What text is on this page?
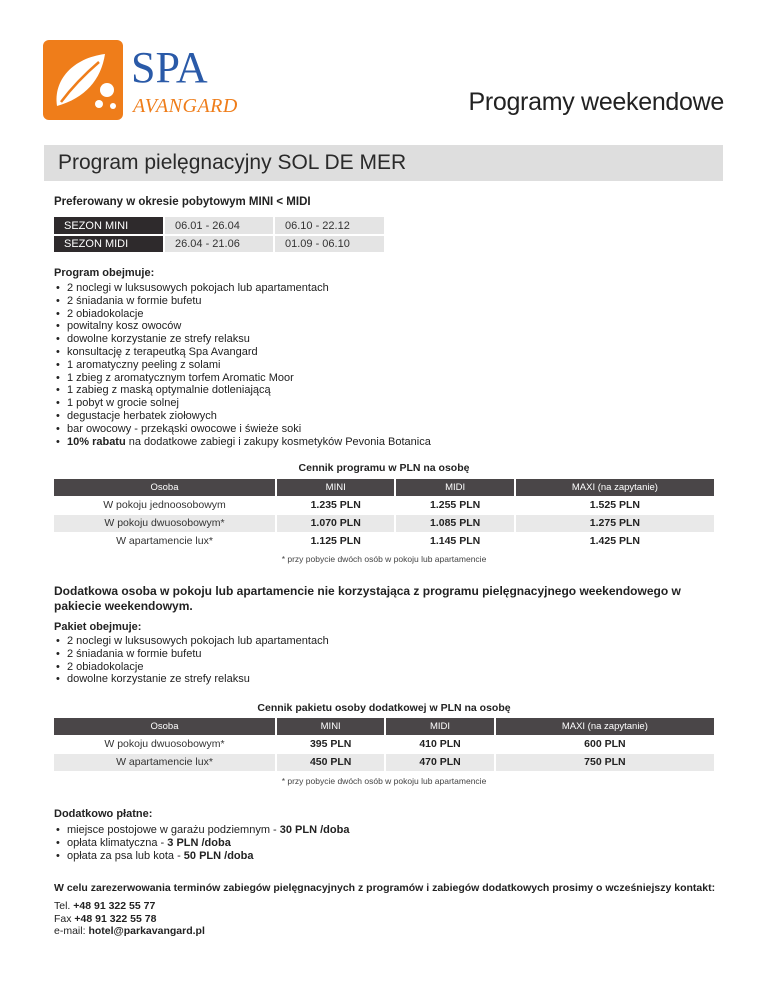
SPA
AVANGARD	Programy weekendowe
Program pielęgnacyjny SOL DE MER
Preferowany w okresie pobytowym MINI < MIDI
SEZON MINI	06.01 - 26.04	06.10 - 22.12
SEZON MIDI	26.04 - 21.06	01.09 - 06.10
Program obejmuje:
• 2 noclegi w luksusowych pokojach lub apartamentach
• 2 śniadania w formie bufetu
• 2 obiadokolacje
• powitalny kosz owoców
• dowolne korzystanie ze strefy relaksu
• konsultację z terapeutką Spa Avangard
• 1 aromatyczny peeling z solami
• 1 zbieg z aromatycznym torfem Aromatic Moor
• 1 zabieg z maską optymalnie dotleniającą
• 1 pobyt w grocie solnej
• degustacje herbatek ziołowych
• bar owocowy - przekąski owocowe i świeże soki
• 10% rabatu na dodatkowe zabiegi i zakupy kosmetyków Pevonia Botanica
Cennik programu w PLN na osobę
Osoba	MINI	MIDI	MAXI (na zapytanie)
W pokoju jednoosobowym	1.235 PLN	1.255 PLN	1.525 PLN
W pokoju dwuosobowym*	1.070 PLN	1.085 PLN	1.275 PLN
W apartamencie lux*	1.125 PLN	1.145 PLN	1.425 PLN
* przy pobycie dwóch osób w pokoju lub apartamencie
Dodatkowa osoba w pokoju lub apartamencie nie korzystająca z programu pielęgnacyjnego weekendowego w pakiecie weekendowym.
Pakiet obejmuje:
• 2 noclegi w luksusowych pokojach lub apartamentach
• 2 śniadania w formie bufetu
• 2 obiadokolacje
• dowolne korzystanie ze strefy relaksu
Cennik pakietu osoby dodatkowej w PLN na osobę
Osoba	MINI	MIDI	MAXI (na zapytanie)
W pokoju dwuosobowym*	395 PLN	410 PLN	600 PLN
W apartamencie lux*	450 PLN	470 PLN	750 PLN
* przy pobycie dwóch osób w pokoju lub apartamencie
Dodatkowo płatne:
• miejsce postojowe w garażu podziemnym - 30 PLN /doba
• opłata klimatyczna - 3 PLN /doba
• opłata za psa lub kota - 50 PLN /doba
W celu zarezerwowania terminów zabiegów pielęgnacyjnych z programów i zabiegów dodatkowych prosimy o wcześniejszy kontakt:
Tel. +48 91 322 55 77
Fax +48 91 322 55 78
e-mail: hotel@parkavangard.pl
